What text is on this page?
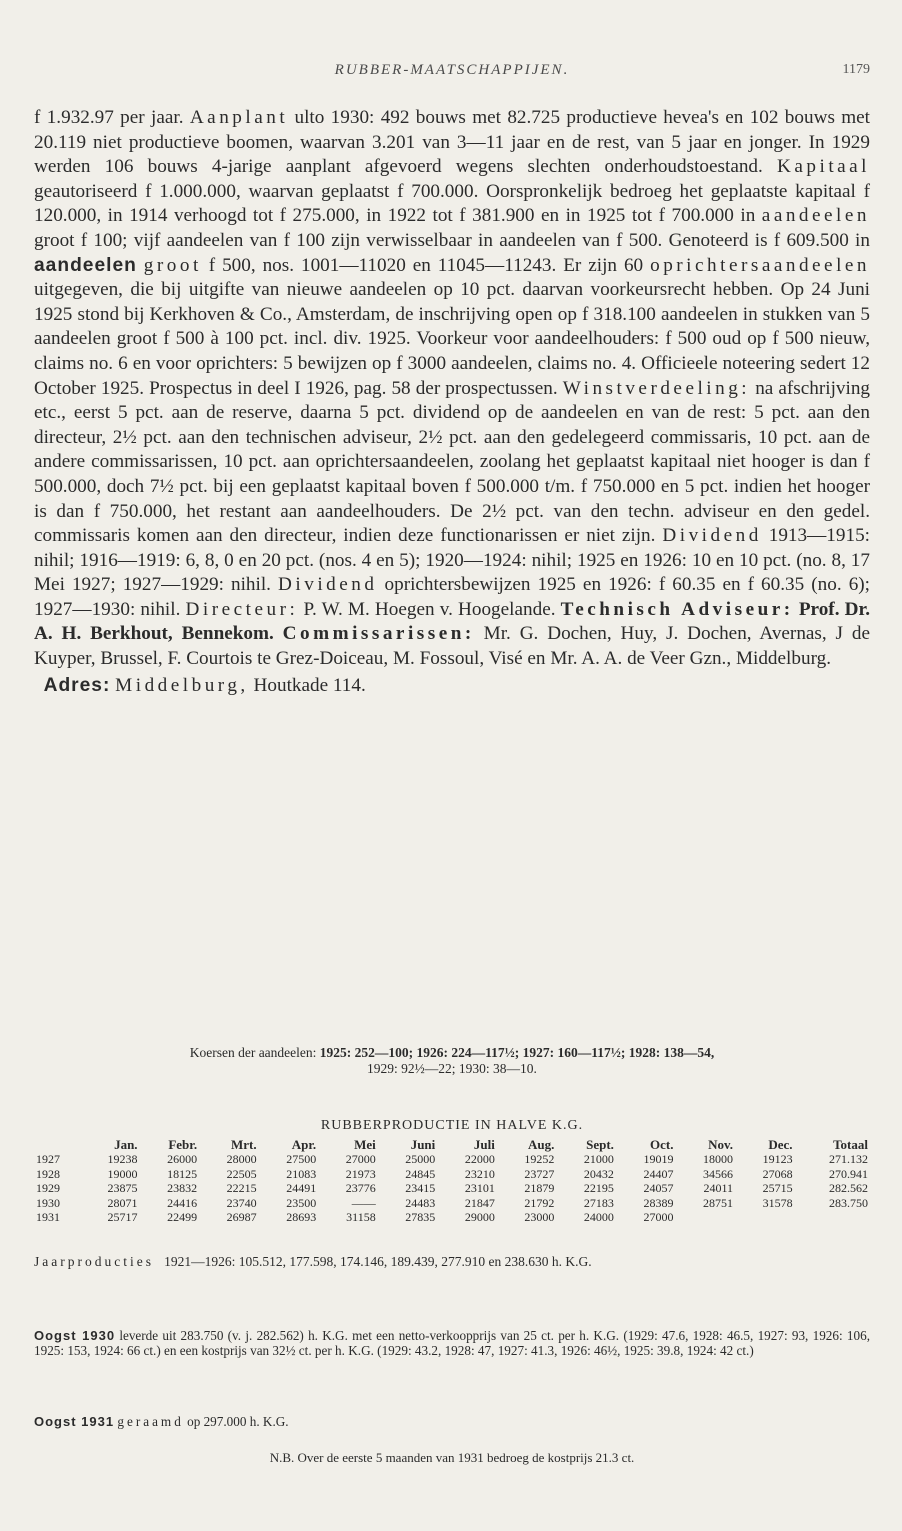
RUBBER-MAATSCHAPPIJEN.	1179

f 1.932.97 per jaar. Aanplant ulto 1930: 492 bouws met 82.725 productieve hevea's en 102 bouws met 20.119 niet productieve boomen, waarvan 3.201 van 3—11 jaar en de rest, van 5 jaar en jonger. In 1929 werden 106 bouws 4-jarige aanplant afgevoerd wegens slechten onderhoudstoestand. Kapitaal geautoriseerd f 1.000.000, waarvan geplaatst f 700.000. Oorspronkelijk bedroeg het geplaatste kapitaal f 120.000, in 1914 verhoogd tot f 275.000, in 1922 tot f 381.900 en in 1925 tot f 700.000 in aandeelen groot f 100; vijf aandeelen van f 100 zijn verwisselbaar in aandeelen van f 500. Genoteerd is f 609.500 in aandeelen groot f 500, nos. 1001—11020 en 11045—11243. Er zijn 60 oprichtersaandeelen uitgegeven, die bij uitgifte van nieuwe aandeelen op 10 pct. daarvan voorkeursrecht hebben. Op 24 Juni 1925 stond bij Kerkhoven & Co., Amsterdam, de inschrijving open op f 318.100 aandeelen in stukken van 5 aandeelen groot f 500 à 100 pct. incl. div. 1925. Voorkeur voor aandeelhouders: f 500 oud op f 500 nieuw, claims no. 6 en voor oprichters: 5 bewijzen op f 3000 aandeelen, claims no. 4. Officieele noteering sedert 12 October 1925. Prospectus in deel I 1926, pag. 58 der prospectussen. Winstverdeeling: na afschrijving etc., eerst 5 pct. aan de reserve, daarna 5 pct. dividend op de aandeelen en van de rest: 5 pct. aan den directeur, 2½ pct. aan den technischen adviseur, 2½ pct. aan den gedelegeerd commissaris, 10 pct. aan de andere commissarissen, 10 pct. aan oprichtersaandeelen, zoolang het geplaatst kapitaal niet hooger is dan f 500.000, doch 7½ pct. bij een geplaatst kapitaal boven f 500.000 t/m. f 750.000 en 5 pct. indien het hooger is dan f 750.000, het restant aan aandeelhouders. De 2½ pct. van den techn. adviseur en den gedel. commissaris komen aan den directeur, indien deze functionarissen er niet zijn. Dividend 1913—1915: nihil; 1916—1919: 6, 8, 0 en 20 pct. (nos. 4 en 5); 1920—1924: nihil; 1925 en 1926: 10 en 10 pct. (no. 8, 17 Mei 1927; 1927—1929: nihil. Dividend oprichtersbewijzen 1925 en 1926: f 60.35 en f 60.35 (no. 6); 1927—1930: nihil. Directeur: P. W. M. Hoegen v. Hoogelande. Technisch Adviseur: Prof. Dr. A. H. Berkhout, Bennekom. Commissarissen: Mr. G. Dochen, Huy, J. Dochen, Avernas, J de Kuyper, Brussel, F. Courtois te Grez-Doiceau, M. Fossoul, Visé en Mr. A. A. de Veer Gzn., Middelburg.

Adres: Middelburg, Houtkade 114.

Koersen der aandeelen: 1925: 252—100; 1926: 224—117½; 1927: 160—117½; 1928: 138—54,
1929: 92½—22; 1930: 38—10.
RUBBERPRODUCTIE IN HALVE K.G.
	Jan.	Febr.	Mrt.	Apr.	Mei	Juni	Juli	Aug.	Sept.	Oct.	Nov.	Dec.	Totaal
1927	19238	26000	28000	27500	27000	25000	22000	19252	21000	19019	18000	19123	271.132
1928	19000	18125	22505	21083	21973	24845	23210	23727	20432	24407	34566	27068	270.941
1929	23875	23832	22215	24491	23776	23415	23101	21879	22195	24057	24011	25715	282.562
1930	28071	24416	23740	23500	——	24483	21847	21792	27183	28389	28751	31578	283.750
1931	25717	22499	26987	28693	31158	27835	29000	23000	24000	27000			
Jaarproducties 1921—1926: 105.512, 177.598, 174.146, 189.439, 277.910 en 238.630 h. K.G.
Oogst 1930 leverde uit 283.750 (v. j. 282.562) h. K.G. met een netto-verkoopprijs van 25 ct. per h. K.G. (1929: 47.6, 1928: 46.5, 1927: 93, 1926: 106, 1925: 153, 1924: 66 ct.) en een kostprijs van 32½ ct. per h. K.G. (1929: 43.2, 1928: 47, 1927: 41.3, 1926: 46½, 1925: 39.8, 1924: 42 ct.)
Oogst 1931 geraamd op 297.000 h. K.G.
N.B. Over de eerste 5 maanden van 1931 bedroeg de kostprijs 21.3 ct.
